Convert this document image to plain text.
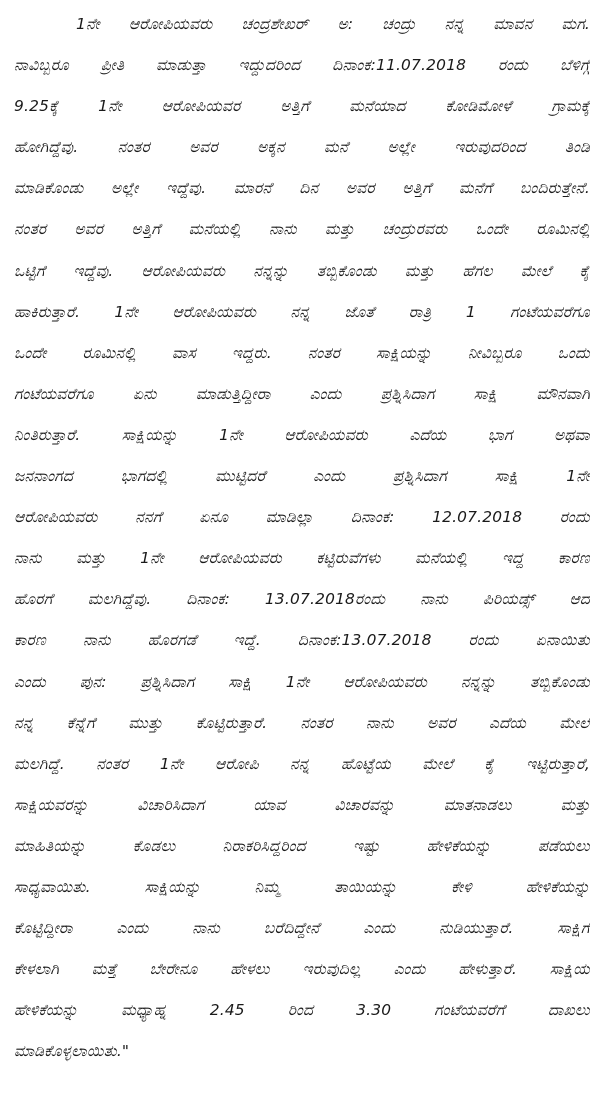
1ನೇ ಆರೋಪಿಯವರು ಚಂದ್ರಶೇಖರ್ ಅ: ಚಂದ್ರು ನನ್ನ ಮಾವನ ಮಗ.
ನಾವಿಬ್ಬರೂ ಪ್ರೀತಿ ಮಾಡುತ್ತಾ ಇದ್ದುದರಿಂದ ದಿನಾಂಕ:11.07.2018 ರಂದು ಬೆಳಿಗ್ಗೆ
9.25ಕ್ಕೆ 1ನೇ ಆರೋಪಿಯವರ ಅತ್ತಿಗೆ ಮನೆಯಾದ ಕೋಡಿಮೋಳೆ ಗ್ರಾಮಕ್ಕೆ
ಹೋಗಿದ್ದೆವು. ನಂತರ ಅವರ ಅಕ್ಕನ ಮನೆ ಅಲ್ಲೇ ಇರುವುದರಿಂದ ತಿಂಡಿ
ಮಾಡಿಕೊಂಡು ಅಲ್ಲೇ ಇದ್ದೆವು. ಮಾರನೆ ದಿನ ಅವರ ಅತ್ತಿಗೆ ಮನೆಗೆ ಬಂದಿರುತ್ತೇನೆ.
ನಂತರ ಅವರ ಅತ್ತಿಗೆ ಮನೆಯಲ್ಲಿ ನಾನು ಮತ್ತು ಚಂದ್ರುರವರು ಒಂದೇ ರೂಮಿನಲ್ಲಿ
ಒಟ್ಟಿಗೆ ಇದ್ದೆವು. ಆರೋಪಿಯವರು ನನ್ನನ್ನು ತಬ್ಬಿಕೊಂಡು ಮತ್ತು ಹೆಗಲ ಮೇಲೆ ಕೈ
ಹಾಕಿರುತ್ತಾರೆ. 1ನೇ ಆರೋಪಿಯವರು ನನ್ನ ಜೊತೆ ರಾತ್ರಿ 1 ಗಂಟೆಯವರೆಗೂ
ಒಂದೇ ರೂಮಿನಲ್ಲಿ ವಾಸ ಇದ್ದರು. ನಂತರ ಸಾಕ್ಷಿಯನ್ನು ನೀವಿಬ್ಬರೂ ಒಂದು
ಗಂಟೆಯವರೆಗೂ ಏನು ಮಾಡುತ್ತಿದ್ದೀರಾ ಎಂದು ಪ್ರಶ್ನಿಸಿದಾಗ ಸಾಕ್ಷಿ ಮೌನವಾಗಿ
ನಿಂತಿರುತ್ತಾರೆ. ಸಾಕ್ಷಿಯನ್ನು 1ನೇ ಆರೋಪಿಯವರು ಎದೆಯ ಭಾಗ ಅಥವಾ
ಜನನಾಂಗದ ಭಾಗದಲ್ಲಿ ಮುಟ್ಟಿದರೆ ಎಂದು ಪ್ರಶ್ನಿಸಿದಾಗ ಸಾಕ್ಷಿ 1ನೇ
ಆರೋಪಿಯವರು ನನಗೆ ಏನೂ ಮಾಡಿಲ್ಲಾ ದಿನಾಂಕ: 12.07.2018 ರಂದು
ನಾನು ಮತ್ತು 1ನೇ ಆರೋಪಿಯವರು ಕಟ್ಟಿರುವೆಗಳು ಮನೆಯಲ್ಲಿ ಇದ್ದ ಕಾರಣ
ಹೊರಗೆ ಮಲಗಿದ್ದೆವು. ದಿನಾಂಕ: 13.07.2018ರಂದು ನಾನು ಪಿರಿಯಡ್ಸ್ ಆದ
ಕಾರಣ ನಾನು ಹೊರಗಡೆ ಇದ್ದೆ. ದಿನಾಂಕ:13.07.2018 ರಂದು ಏನಾಯಿತು
ಎಂದು ಪುನ: ಪ್ರಶ್ನಿಸಿದಾಗ ಸಾಕ್ಷಿ 1ನೇ ಆರೋಪಿಯವರು ನನ್ನನ್ನು ತಬ್ಬಿಕೊಂಡು
ನನ್ನ ಕೆನ್ನೆಗೆ ಮುತ್ತು ಕೊಟ್ಟಿರುತ್ತಾರೆ. ನಂತರ ನಾನು ಅವರ ಎದೆಯ ಮೇಲೆ
ಮಲಗಿದ್ದೆ. ನಂತರ 1ನೇ ಆರೋಪಿ ನನ್ನ ಹೊಟ್ಟೆಯ ಮೇಲೆ ಕೈ ಇಟ್ಟಿರುತ್ತಾರೆ,
ಸಾಕ್ಷಿಯವರನ್ನು ವಿಚಾರಿಸಿದಾಗ ಯಾವ ವಿಚಾರವನ್ನು ಮಾತನಾಡಲು ಮತ್ತು
ಮಾಹಿತಿಯನ್ನು ಕೊಡಲು ನಿರಾಕರಿಸಿದ್ದರಿಂದ ಇಷ್ಟು ಹೇಳಿಕೆಯನ್ನು ಪಡೆಯಲು
ಸಾಧ್ಯವಾಯಿತು. ಸಾಕ್ಷಿಯನ್ನು ನಿಮ್ಮ ತಾಯಿಯನ್ನು ಕೇಳಿ ಹೇಳಿಕೆಯನ್ನು
ಕೊಟ್ಟಿದ್ದೀರಾ ಎಂದು ನಾನು ಬರೆದಿದ್ದೇನೆ ಎಂದು ನುಡಿಯುತ್ತಾರೆ. ಸಾಕ್ಷಿಗೆ
ಕೇಳಲಾಗಿ ಮತ್ತೆ ಬೇರೇನೂ ಹೇಳಲು ಇರುವುದಿಲ್ಲ ಎಂದು ಹೇಳುತ್ತಾರೆ. ಸಾಕ್ಷಿಯ
ಹೇಳಿಕೆಯನ್ನು ಮಧ್ಯಾಹ್ನ 2.45 ರಿಂದ 3.30 ಗಂಟೆಯವರೆಗೆ ದಾಖಲು
ಮಾಡಿಕೊಳ್ಳಲಾಯಿತು."
